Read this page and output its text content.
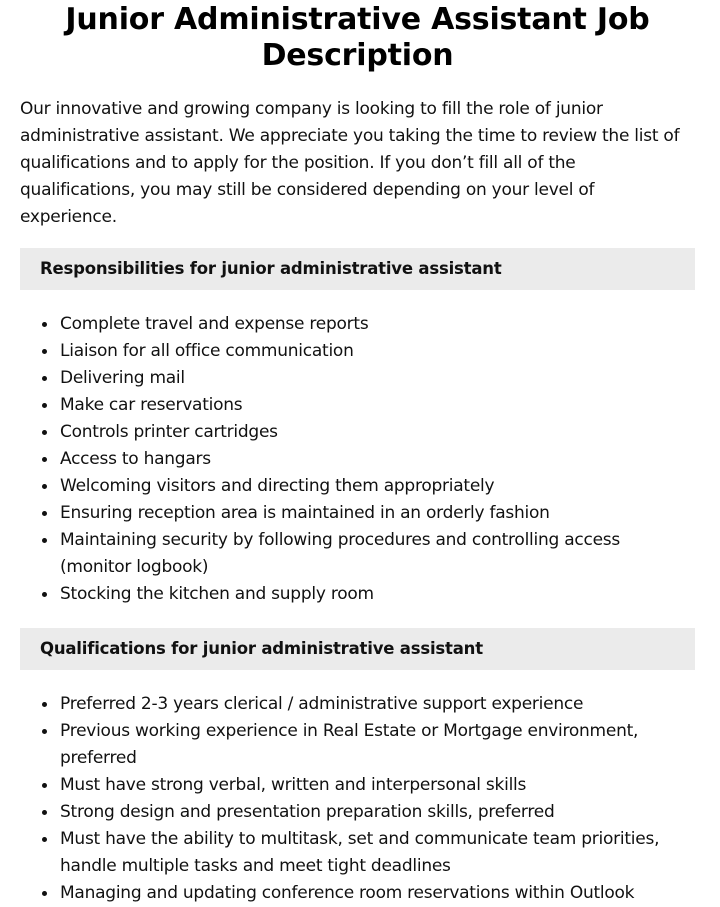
Junior Administrative Assistant Job Description

Our innovative and growing company is looking to fill the role of junior administrative assistant. We appreciate you taking the time to review the list of qualifications and to apply for the position. If you don’t fill all of the qualifications, you may still be considered depending on your level of experience.

Responsibilities for junior administrative assistant
Complete travel and expense reports
Liaison for all office communication
Delivering mail
Make car reservations
Controls printer cartridges
Access to hangars
Welcoming visitors and directing them appropriately
Ensuring reception area is maintained in an orderly fashion
Maintaining security by following procedures and controlling access (monitor logbook)
Stocking the kitchen and supply room
Qualifications for junior administrative assistant
Preferred 2-3 years clerical / administrative support experience
Previous working experience in Real Estate or Mortgage environment, preferred
Must have strong verbal, written and interpersonal skills
Strong design and presentation preparation skills, preferred
Must have the ability to multitask, set and communicate team priorities, handle multiple tasks and meet tight deadlines
Managing and updating conference room reservations within Outlook
